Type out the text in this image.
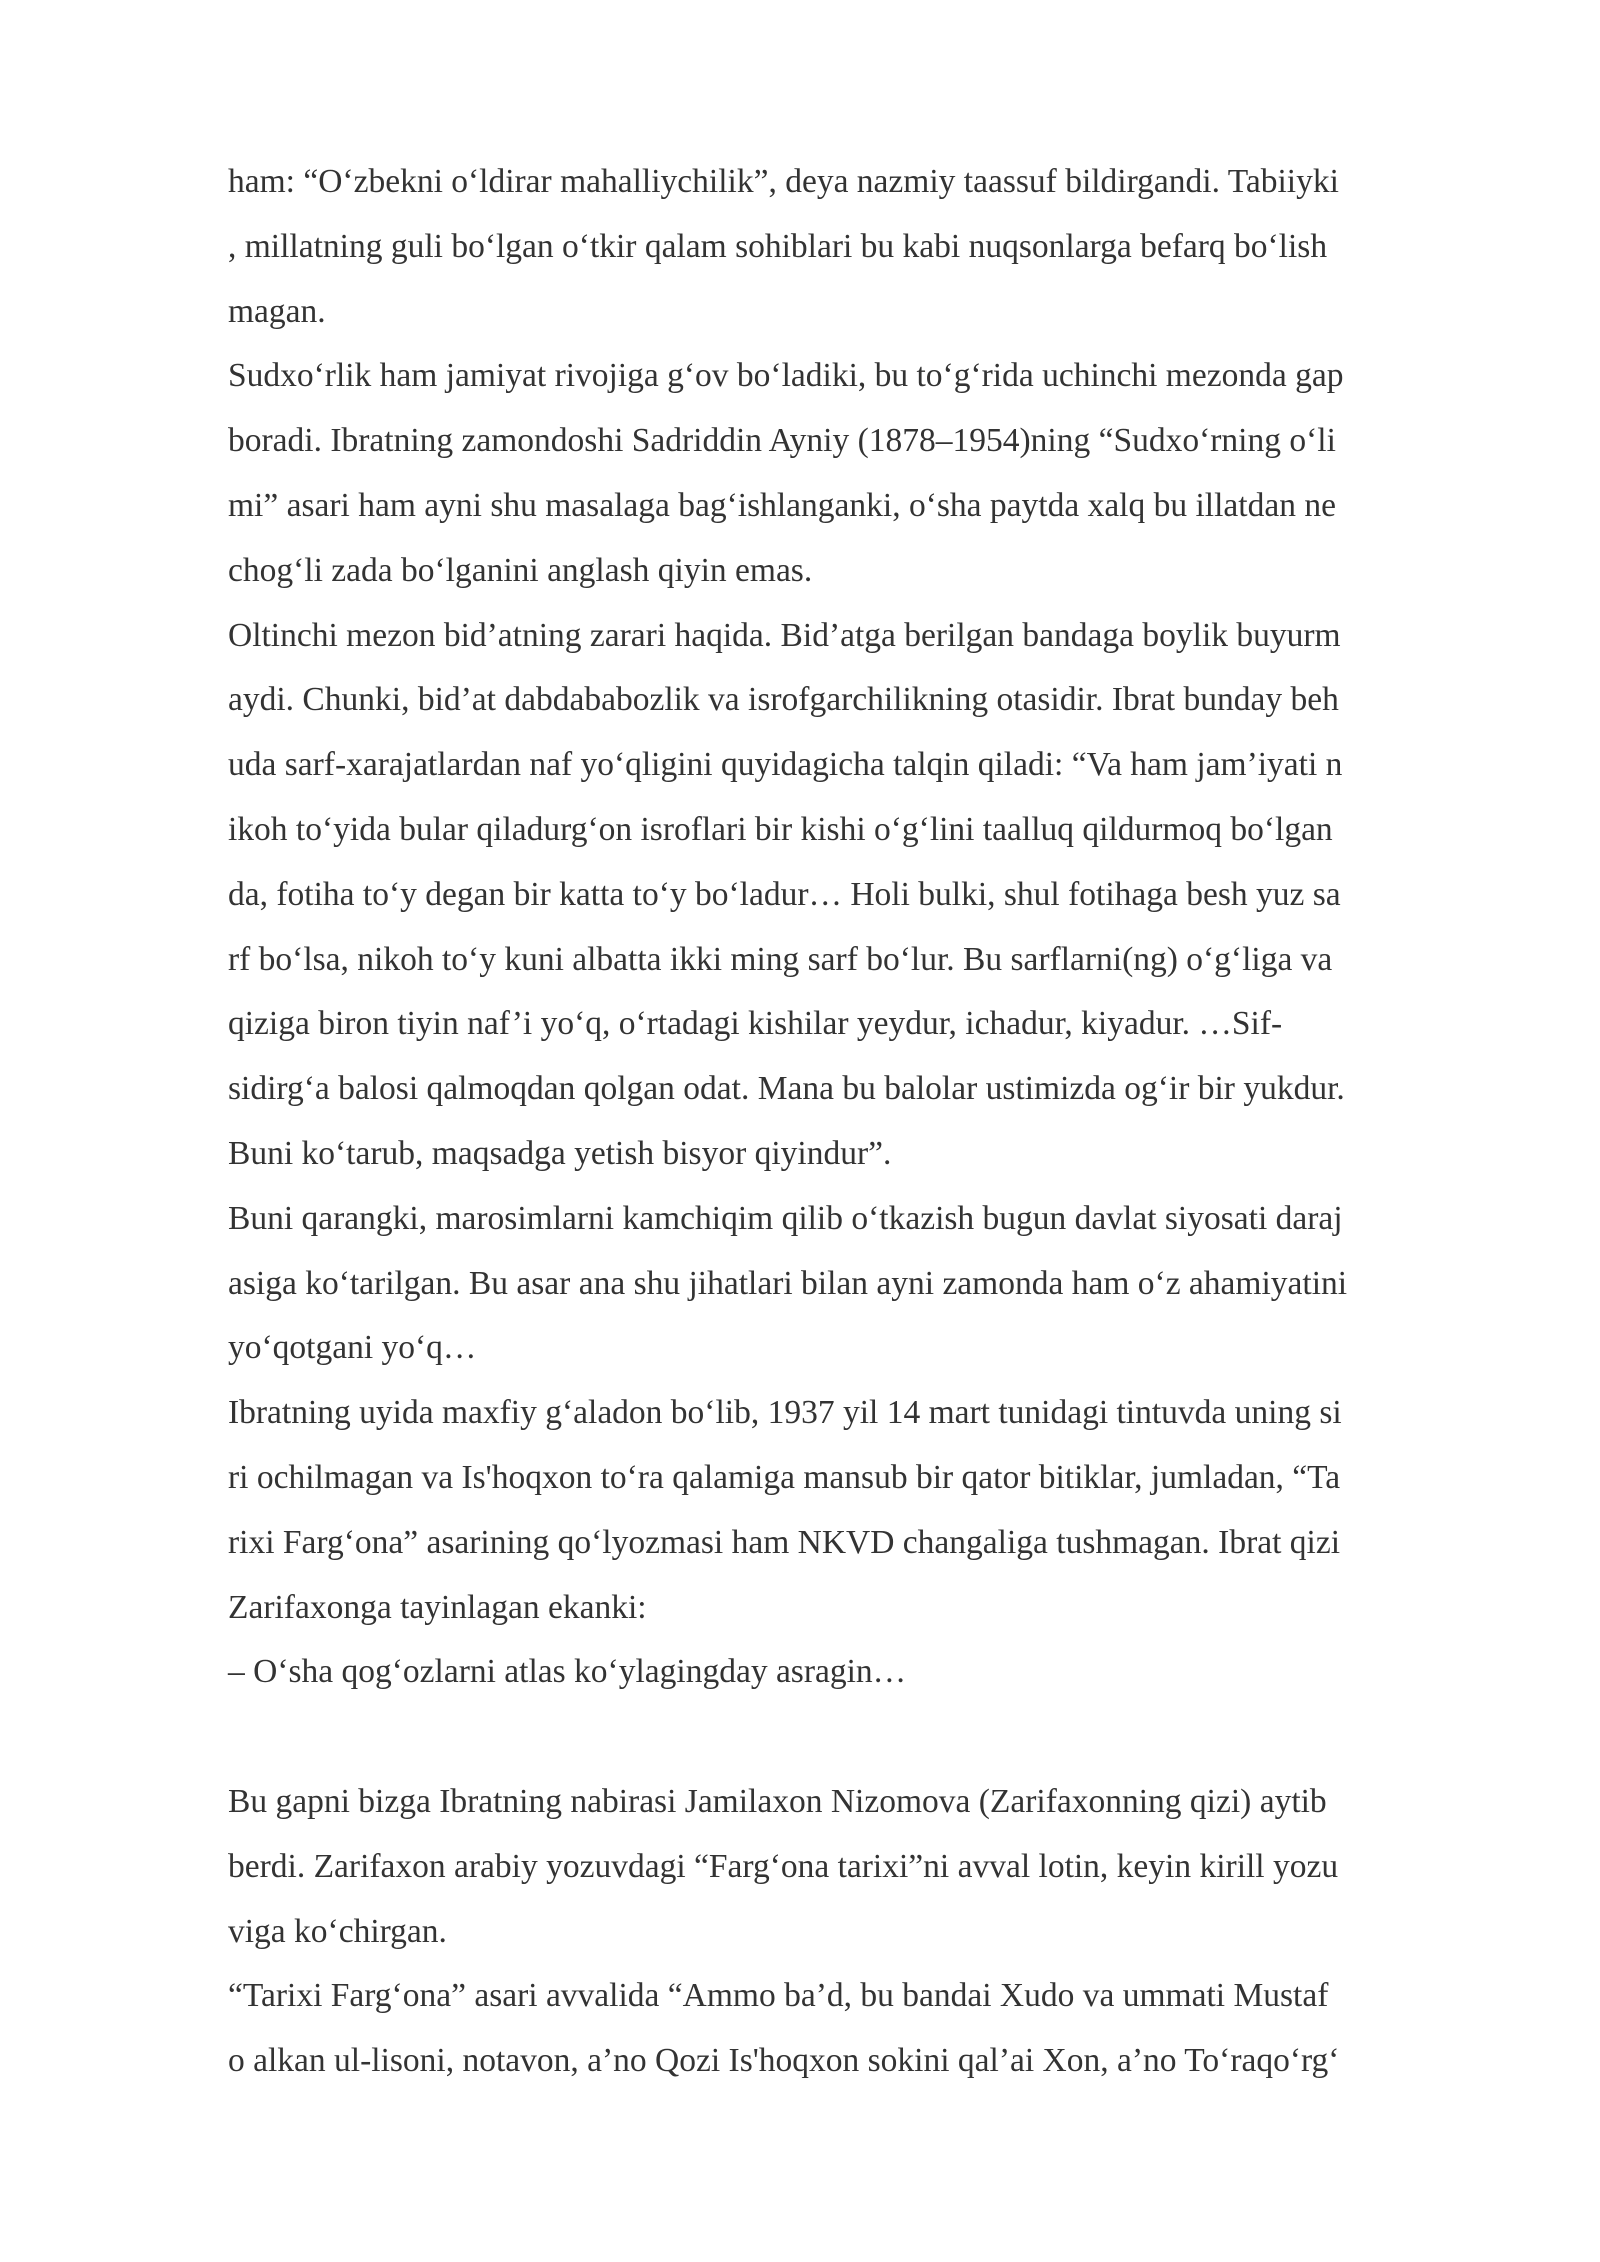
ham: “O‘zbekni o‘ldirar mahalliychilik”, deya nazmiy taassuf bildirgandi. Tabiiyki
, millatning guli bo‘lgan o‘tkir qalam sohiblari bu kabi nuqsonlarga befarq bo‘lish
magan.
Sudxo‘rlik ham jamiyat rivojiga g‘ov bo‘ladiki, bu to‘g‘rida uchinchi mezonda gap
boradi. Ibratning zamondoshi Sadriddin Ayniy (1878–1954)ning “Sudxo‘rning o‘li
mi” asari ham ayni shu masalaga bag‘ishlanganki, o‘sha paytda xalq bu illatdan ne
chog‘li zada bo‘lganini anglash qiyin emas.
Oltinchi mezon bid’atning zarari haqida. Bid’atga berilgan bandaga boylik buyurm
aydi. Chunki, bid’at dabdababozlik va isrofgarchilikning otasidir. Ibrat bunday beh
uda sarf-xarajatlardan naf yo‘qligini quyidagicha talqin qiladi: “Va ham jam’iyati n
ikoh to‘yida bular qiladurg‘on isroflari bir kishi o‘g‘lini taalluq qildurmoq bo‘lgan
da, fotiha to‘y degan bir katta to‘y bo‘ladur… Holi bulki, shul fotihaga besh yuz sa
rf bo‘lsa, nikoh to‘y kuni albatta ikki ming sarf bo‘lur. Bu sarflarni(ng) o‘g‘liga va
qiziga biron tiyin naf’i yo‘q, o‘rtadagi kishilar yeydur, ichadur, kiyadur. …Sif-
sidirg‘a balosi qalmoqdan qolgan odat. Mana bu balolar ustimizda og‘ir bir yukdur.
Buni ko‘tarub, maqsadga yetish bisyor qiyindur”.
Buni qarangki, marosimlarni kamchiqim qilib o‘tkazish bugun davlat siyosati daraj
asiga ko‘tarilgan. Bu asar ana shu jihatlari bilan ayni zamonda ham o‘z ahamiyatini
yo‘qotgani yo‘q…
Ibratning uyida maxfiy g‘aladon bo‘lib, 1937 yil 14 mart tunidagi tintuvda uning si
ri ochilmagan va Is'hoqxon to‘ra qalamiga mansub bir qator bitiklar, jumladan, “Ta
rixi Farg‘ona” asarining qo‘lyozmasi ham NKVD changaliga tushmagan. Ibrat qizi
Zarifaxonga tayinlagan ekanki:
– O‘sha qog‘ozlarni atlas ko‘ylagingday asragin…
Bu gapni bizga Ibratning nabirasi Jamilaxon Nizomova (Zarifaxonning qizi) aytib
berdi. Zarifaxon arabiy yozuvdagi “Farg‘ona tarixi”ni avval lotin, keyin kirill yozu
viga ko‘chirgan.
“Tarixi Farg‘ona” asari avvalida “Ammo ba’d, bu bandai Xudo va ummati Mustaf
o alkan ul-lisoni, notavon, a’no Qozi Is'hoqxon sokini qal’ai Xon, a’no To‘raqo‘rg‘
